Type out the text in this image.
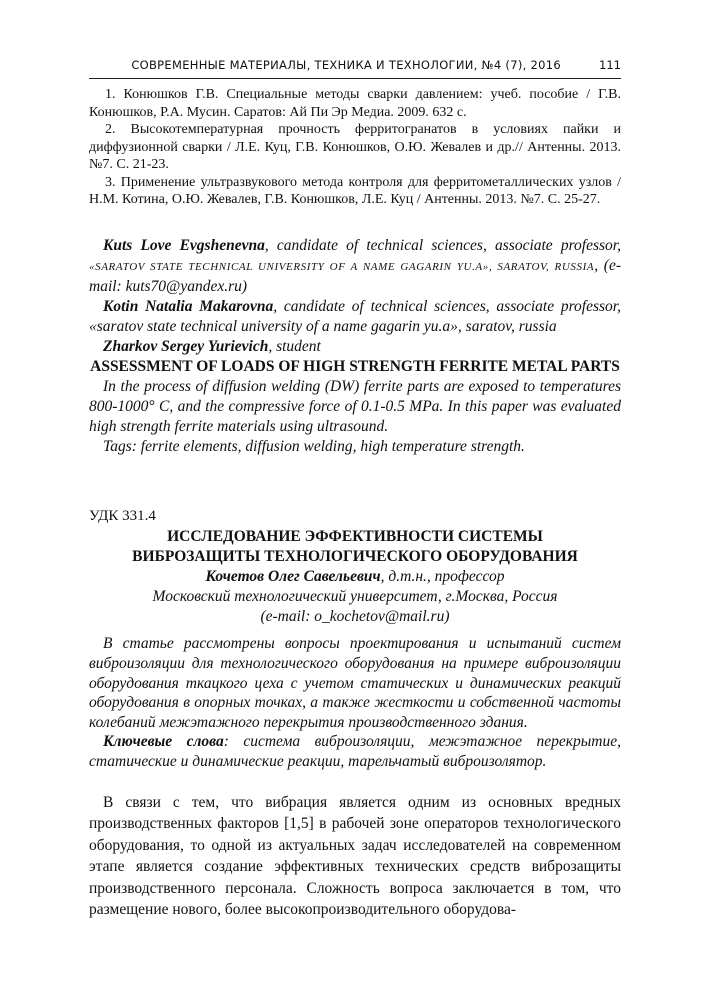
СОВРЕМЕННЫЕ МАТЕРИАЛЫ, ТЕХНИКА И ТЕХНОЛОГИИ, №4 (7), 2016	111

1. Конюшков Г.В. Специальные методы сварки давлением: учеб. пособие / Г.В. Конюшков, Р.А. Мусин. Саратов: Ай Пи Эр Медиа. 2009. 632 с.

2. Высокотемпературная прочность ферритогранатов в условиях пайки и диффузионной сварки / Л.Е. Куц, Г.В. Конюшков, О.Ю. Жевалев и др.// Антенны. 2013. №7. С. 21-23.

3. Применение ультразвукового метода контроля для ферритометаллических узлов / Н.М. Котина, О.Ю. Жевалев, Г.В. Конюшков, Л.Е. Куц / Антенны. 2013. №7. С. 25-27.

Kuts Love Evgshenevna, candidate of technical sciences, associate professor, «SARATOV STATE TECHNICAL UNIVERSITY OF A NAME GAGARIN YU.A», SARATOV, RUSSIA, (e-mail: kuts70@yandex.ru)

Kotin Natalia Makarovna, candidate of technical sciences, associate professor, «saratov state technical university of a name gagarin yu.a», saratov, russia

Zharkov Sergey Yurievich, student

ASSESSMENT OF LOADS OF HIGH STRENGTH FERRITE METAL PARTS

In the process of diffusion welding (DW) ferrite parts are exposed to temperatures 800-1000° C, and the compressive force of 0.1-0.5 MPa. In this paper was evaluated high strength ferrite materials using ultrasound.

Tags: ferrite elements, diffusion welding, high temperature strength.

УДК 331.4

ИССЛЕДОВАНИЕ ЭФФЕКТИВНОСТИ СИСТЕМЫ

ВИБРОЗАЩИТЫ ТЕХНОЛОГИЧЕСКОГО ОБОРУДОВАНИЯ

Кочетов Олег Савельевич, д.т.н., профессор

Московский технологический университет, г.Москва, Россия

(e-mail: o_kochetov@mail.ru)

В статье рассмотрены вопросы проектирования и испытаний систем виброизоляции для технологического оборудования на примере виброизоляции оборудования ткацкого цеха с учетом статических и динамических реакций оборудования в опорных точках, а также жесткости и собственной частоты колебаний межэтажного перекрытия производственного здания.

Ключевые слова: система виброизоляции, межэтажное перекрытие, статические и динамические реакции, тарельчатый виброизолятор.

В связи с тем, что вибрация является одним из основных вредных производственных факторов [1,5] в рабочей зоне операторов технологического оборудования, то одной из актуальных задач исследователей на современном этапе является создание эффективных технических средств виброзащиты производственного персонала. Сложность вопроса заключается в том, что размещение нового, более высокопроизводительного оборудова-
